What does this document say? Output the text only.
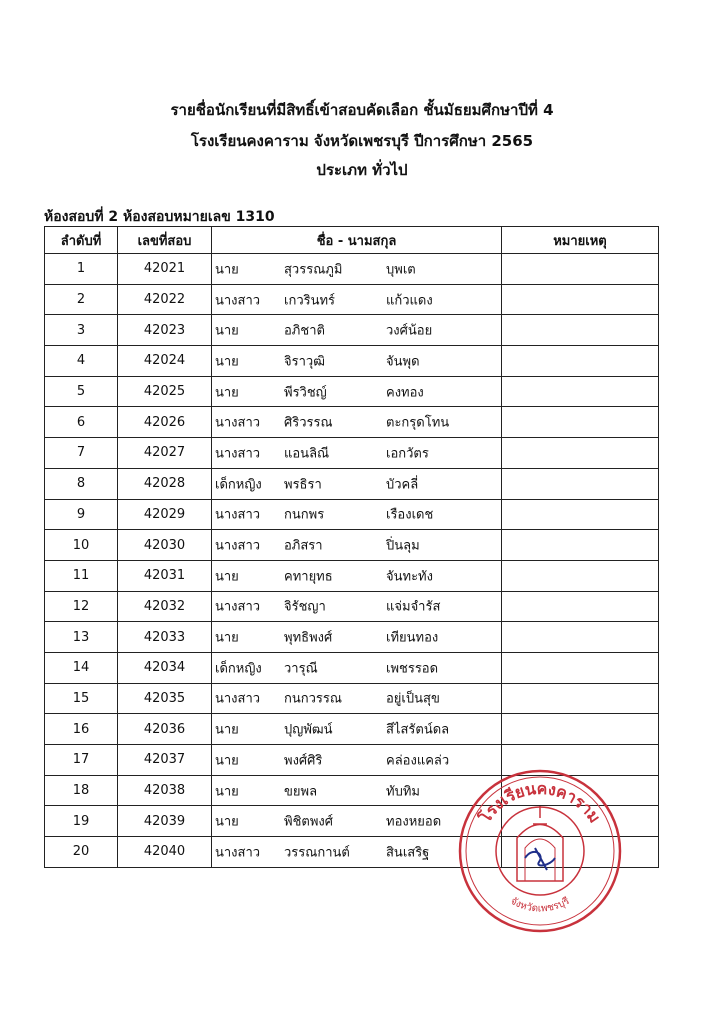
รายชื่อนักเรียนที่มีสิทธิ์เข้าสอบคัดเลือก ชั้นมัธยมศึกษาปีที่ 4
โรงเรียนคงคาราม จังหวัดเพชรบุรี ปีการศึกษา 2565
ประเภท ทั่วไป
ห้องสอบที่ 2 ห้องสอบหมายเลข 1310
ลำดับที่	เลขที่สอบ	ชื่อ - นามสกุล	หมายเหตุ
1	42021	นาย สุวรรณภูมิ บุพเต	

2	42022	นางสาว เกวรินทร์ แก้วแดง	

3	42023	นาย อภิชาติ วงศ์น้อย	

4	42024	นาย จิราวุฒิ จันพุด	

5	42025	นาย พีรวิชญ์ คงทอง	

6	42026	นางสาว ศิริวรรณ ตะกรุดโทน	

7	42027	นางสาว แอนลิณี เอกวัตร	

8	42028	เด็กหญิง พรธิรา บัวคลี่	

9	42029	นางสาว กนกพร เรืองเดช	

10	42030	นางสาว อภิสรา ปิ่นลุม	

11	42031	นาย คทายุทธ จันทะทัง	

12	42032	นางสาว จิรัชญา แจ่มจำรัส	

13	42033	นาย พุทธิพงศ์ เทียนทอง	

14	42034	เด็กหญิง วารุณี เพชรรอด	

15	42035	นางสาว กนกวรรณ อยู่เป็นสุข	

16	42036	นาย ปุญพัฒน์ สีไสรัตน์ดล	

17	42037	นาย พงศ์ศิริ คล่องแคล่ว	

18	42038	นาย ขยพล ทับทิม	

19	42039	นาย พิชิตพงศ์ ทองหยอด	

20	42040	นางสาว วรรณกานต์ สินเสริฐ	

โรงเรียนคงคาราม
จังหวัดเพชรบุรี
